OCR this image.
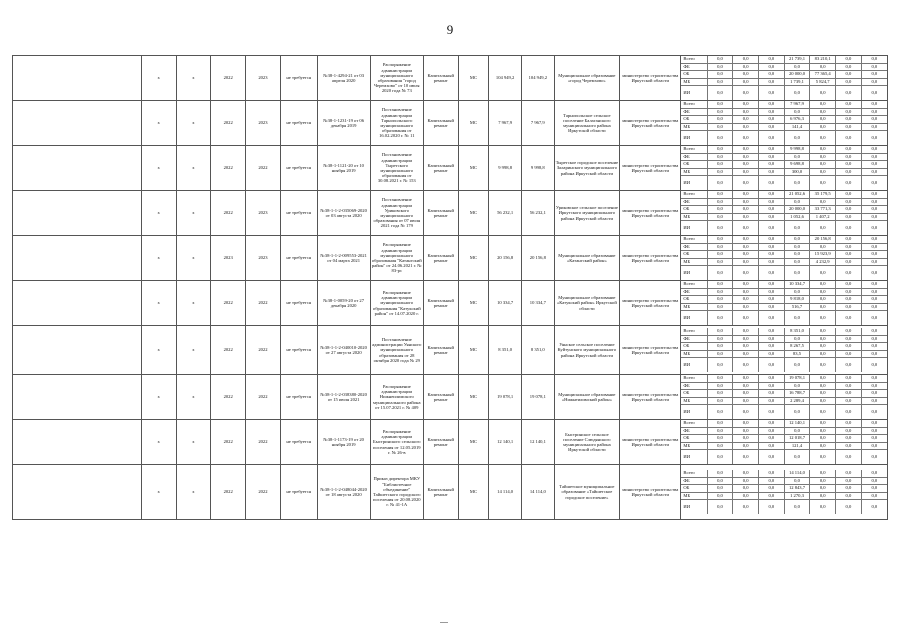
9
	x	x	2022	2023	не требуется	№38-1-4294-21 от 03 апреля 2020	Распоряжение администрации муниципального образования "город Черемхово" от 10 июля 2020 года № 73	Капитальный ремонт	МС	104 949,2	104 949,2	Муниципальное образование «город Черемхово»	министерство строительства Иркутской области	
Всего	0,0	0,0	0,0	21 739,1	83 210,1	0,0	0,0
ФБ	0,0	0,0	0,0	0,0	0,0	0,0	0,0
ОБ	0,0	0,0	0,0	20 000,0	77 365,4	0,0	0,0
МБ	0,0	0,0	0,0	1 739,1	5 824,7	0,0	0,0
ИИ	0,0	0,0	0,0	0,0	0,0	0,0	0,0

	x	x	2022	2023	не требуется	№38-1-1231-19 от 06 декабря 2019	Постановление администрации Тарнопольского муниципального образования от 16.02.2020 г. № 11	Капитальный ремонт	МС	7 967,9	7 967,9	Тарнопольское сельское поселение Балаганского муниципального района Иркутской области	министерство строительства Иркутской области	
Всего	0,0	0,0	0,0	7 967,9	0,0	0,0	0,0
ФБ	0,0	0,0	0,0	0,0	0,0	0,0	0,0
ОБ	0,0	0,0	0,0	6 976,3	0,0	0,0	0,0
МБ	0,0	0,0	0,0	141,4	0,0	0,0	0,0
ИИ	0,0	0,0	0,0	0,0	0,0	0,0	0,0

	x	x	2022	2022	не требуется	№38-1-1121-20 от 10 ноября 2019	Постановление администрации Тыретского муниципального образования от 30.08.2021 г. № 153	Капитальный ремонт	МС	9 998,8	9 998,8	Тыретское городское поселение Заларинского муниципального района Иркутской области	министерство строительства Иркутской области	
Всего	0,0	0,0	0,0	9 998,8	0,0	0,0	0,0
ФБ	0,0	0,0	0,0	0,0	0,0	0,0	0,0
ОБ	0,0	0,0	0,0	9 698,8	0,0	0,0	0,0
МБ	0,0	0,0	0,0	300,0	0,0	0,0	0,0
ИИ	0,0	0,0	0,0	0,0	0,0	0,0	0,0

	x	x	2022	2023	не требуется	№38-1-1-2-035069-2020 от 03 августа 2020	Постановление администрации Уриковского муниципального образования от 07 июля 2021 года № 179	Капитальный ремонт	МС	56 232,1	56 232,1	Уриковское сельское поселение Иркутского муниципального района Иркутской области	министерство строительства Иркутской области	
Всего	0,0	0,0	0,0	21 052,6	35 179,5	0,0	0,0
ФБ	0,0	0,0	0,0	0,0	0,0	0,0	0,0
ОБ	0,0	0,0	0,0	20 000,0	33 771,3	0,0	0,0
МБ	0,0	0,0	0,0	1 052,6	1 407,2	0,0	0,0
ИИ	0,0	0,0	0,0	0,0	0,0	0,0	0,0

	x	x	2023	2023	не требуется	№38-1-1-2-009553-2021 от 04 марта 2021	Распоряжение администрации муниципального образования "Катангский район" от 24.06.2021 г. № 83-рс	Капитальный ремонт	МС	20 156,8	20 156,8	Муниципальное образование «Катангский район»	министерство строительства Иркутской области	
Всего	0,0	0,0	0,0	0,0	20 156,8	0,0	0,0
ФБ	0,0	0,0	0,0	0,0	0,0	0,0	0,0
ОБ	0,0	0,0	0,0	0,0	15 923,9	0,0	0,0
МБ	0,0	0,0	0,0	0,0	4 232,9	0,0	0,0
ИИ	0,0	0,0	0,0	0,0	0,0	0,0	0,0

	x	x	2022	2022	не требуется	№38-1-0059-20 от 27 декабря 2020	Распоряжение администрации муниципального образования "Катукский район" от 14.07.2020 г.	Капитальный ремонт	МС	10 334,7	10 334,7	Муниципальное образование «Катукский район» Иркутской области	министерство строительства Иркутской области	
Всего	0,0	0,0	0,0	10 334,7	0,0	0,0	0,0
ФБ	0,0	0,0	0,0	0,0	0,0	0,0	0,0
ОБ	0,0	0,0	0,0	9 818,0	0,0	0,0	0,0
МБ	0,0	0,0	0,0	516,7	0,0	0,0	0,0
ИИ	0,0	0,0	0,0	0,0	0,0	0,0	0,0

	x	x	2022	2022	не требуется	№38-1-1-2-040010-2020 от 27 августа 2020	Постановление администрации Уянского муниципального образования от 28 октября 2020 года № 29	Капитальный ремонт	МС	8 351,0	8 351,0	Уянское сельское поселение Куйтунского муниципального района Иркутской области	министерство строительства Иркутской области	
Всего	0,0	0,0	0,0	8 351,0	0,0	0,0	0,0
ФБ	0,0	0,0	0,0	0,0	0,0	0,0	0,0
ОБ	0,0	0,0	0,0	8 267,5	0,0	0,0	0,0
МБ	0,0	0,0	0,0	83,5	0,0	0,0	0,0
ИИ	0,0	0,0	0,0	0,0	0,0	0,0	0,0

	x	x	2022	2022	не требуется	№38-1-1-2-038380-2020 от 15 июля 2021	Распоряжение администрации Нижнеилимского муниципального района от 15.07.2021 г. № 409	Капитальный ремонт	МС	19 078,1	19 078,1	Муниципальное образование «Нижнеилимский район»	министерство строительства Иркутской области	
Всего	0,0	0,0	0,0	19 078,1	0,0	0,0	0,0
ФБ	0,0	0,0	0,0	0,0	0,0	0,0	0,0
ОБ	0,0	0,0	0,0	16 788,7	0,0	0,0	0,0
МБ	0,0	0,0	0,0	2 289,4	0,0	0,0	0,0
ИИ	0,0	0,0	0,0	0,0	0,0	0,0	0,0

	x	x	2022	2022	не требуется	№38-1-1173-19 от 20 ноября 2019	Распоряжение администрации Быстринского сельского поселения от 12.05.2019 г. № 26-в	Капитальный ремонт	МС	12 140,1	12 140,1	Быстринское сельское поселение Слюдянского муниципального района Иркутской области	министерство строительства Иркутской области	
Всего	0,0	0,0	0,0	12 140,1	0,0	0,0	0,0
ФБ	0,0	0,0	0,0	0,0	0,0	0,0	0,0
ОБ	0,0	0,0	0,0	12 018,7	0,0	0,0	0,0
МБ	0,0	0,0	0,0	121,4	0,0	0,0	0,0
ИИ	0,0	0,0	0,0	0,0	0,0	0,0	0,0

	x	x	2022	2022	не требуется	№38-1-1-2-048044-2020 от 18 августа 2020	Приказ директора МКУ "Библиотечное объединение" Тайшетского городского поселения от 20.08.2020 г. № 41-1А	Капитальный ремонт	МС	14 114,0	14 114,0	Тайшетское муниципальное образование «Тайшетское городское поселение»	министерство строительства Иркутской области	
Всего	0,0	0,0	0,0	14 114,0	0,0	0,0	0,0
ФБ	0,0	0,0	0,0	0,0	0,0	0,0	0,0
ОБ	0,0	0,0	0,0	12 843,7	0,0	0,0	0,0
МБ	0,0	0,0	0,0	1 270,3	0,0	0,0	0,0
ИИ	0,0	0,0	0,0	0,0	0,0	0,0	0,0
